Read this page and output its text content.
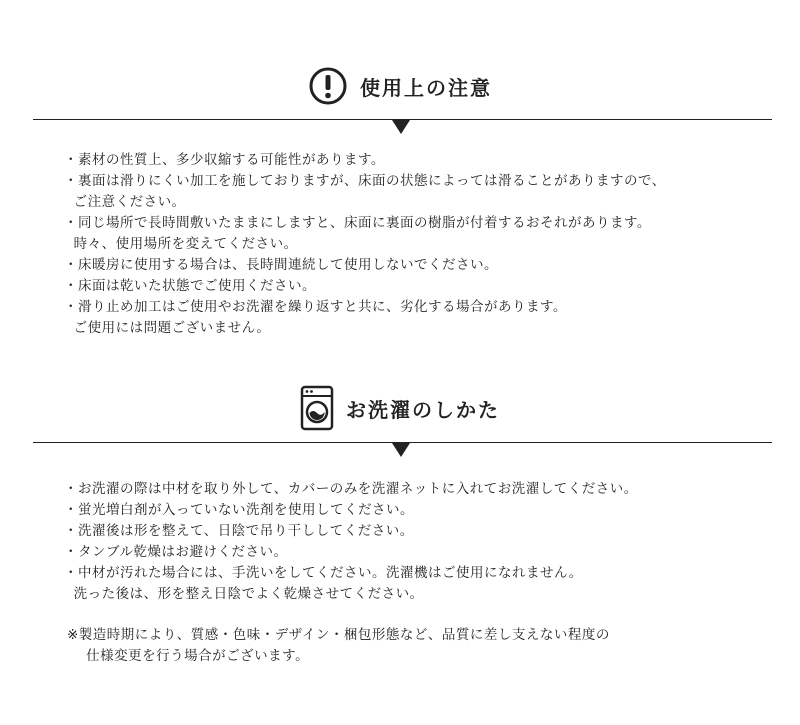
使用上の注意
・素材の性質上、多少収縮する可能性があります。
・裏面は滑りにくい加工を施しておりますが、床面の状態によっては滑ることがありますので、
ご注意ください。
・同じ場所で長時間敷いたままにしますと、床面に裏面の樹脂が付着するおそれがあります。
時々、使用場所を変えてください。
・床暖房に使用する場合は、長時間連続して使用しないでください。
・床面は乾いた状態でご使用ください。
・滑り止め加工はご使用やお洗濯を繰り返すと共に、劣化する場合があります。
ご使用には問題ございません。
お洗濯のしかた
・お洗濯の際は中材を取り外して、カバーのみを洗濯ネットに入れてお洗濯してください。
・蛍光増白剤が入っていない洗剤を使用してください。
・洗濯後は形を整えて、日陰で吊り干ししてください。
・タンブル乾燥はお避けください。
・中材が汚れた場合には、手洗いをしてください。洗濯機はご使用になれません。
洗った後は、形を整え日陰でよく乾燥させてください。
※製造時期により、質感・色味・デザイン・梱包形態など、品質に差し支えない程度の
仕様変更を行う場合がございます。
